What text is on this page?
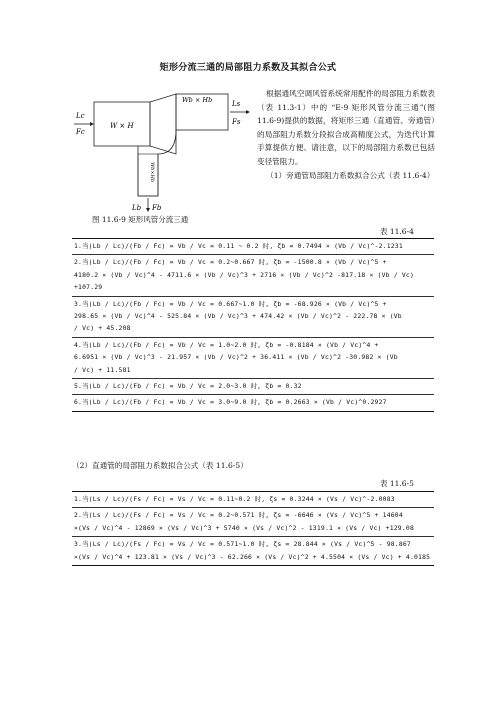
矩形分流三通的局部阻力系数及其拟合公式
Lc
Fc
W × H
Wb × Hb	Ls
Fs
Wb×Hb
Lb Fb
图 11.6-9 矩形风管分流三通

根据通风空调风管系统常用配件的局部阻力系数表（表 11.3-1）中的 “E-9 矩形风管分流三通”(图 11.6-9)提供的数据，将矩形三通（直通管、旁通管）的局部阻力系数分段拟合成高精度公式，为迭代计算手算提供方便。请注意，以下的局部阻力系数已包括变径管阻力。

（1）旁通管局部阻力系数拟合公式（表 11.6-4）

表 11.6-4
（2）直通管的局部阻力系数拟合公式（表 11.6-5）
表 11.6-5
1.当(Lb / Lc)/(Fb / Fc) = Vb / Vc = 0.11 ~ 0.2 时, ζb = 0.7494 × (Vb / Vc)^-2.1231
2.当(Lb / Lc)/(Fb / Fc) = Vb / Vc = 0.2~0.667 时, ζb = -1500.8 × (Vb / Vc)^5 +
4180.2 × (Vb / Vc)^4 - 4711.6 × (Vb / Vc)^3 + 2716 × (Vb / Vc)^2 -817.18 × (Vb / Vc)
+107.29
3.当(Lb / Lc)/(Fb / Fc) = Vb / Vc = 0.667~1.0 时, ζb = -68.926 × (Vb / Vc)^5 +
298.65 × (Vb / Vc)^4 - 525.84 × (Vb / Vc)^3 + 474.42 × (Vb / Vc)^2 - 222.78 × (Vb
/ Vc) + 45.208
4.当(Lb / Lc)/(Fb / Fc) = Vb / Vc = 1.0~2.0 时, ζb = -0.8184 × (Vb / Vc)^4 +
6.6951 × (Vb / Vc)^3 - 21.957 × (Vb / Vc)^2 + 36.411 × (Vb / Vc)^2 -30.982 × (Vb
/ Vc) + 11.581
5.当(Lb / Lc)/(Fb / Fc) = Vb / Vc = 2.0~3.0 时, ζb = 0.32
6.当(Lb / Lc)/(Fb / Fc) = Vb / Vc = 3.0~9.0 时, ζb = 0.2663 × (Vb / Vc)^0.2927
1.当(Ls / Lc)/(Fs / Fc) = Vs / Vc = 0.11~0.2 时, ζs = 0.3244 × (Vs / Vc)^-2.0083
2.当(Ls / Lc)/(Fs / Fc) = Vs / Vc = 0.2~0.571 时, ζs = -6646 × (Vs / Vc)^5 + 14604
×(Vs / Vc)^4 - 12869 × (Vs / Vc)^3 + 5740 × (Vs / Vc)^2 - 1319.1 × (Vs / Vc) +129.08
3.当(Ls / Lc)/(Fs / Fc) = Vs / Vc = 0.571~1.0 时, ζs = 28.844 × (Vs / Vc)^5 - 98.867
×(Vs / Vc)^4 + 123.81 × (Vs / Vc)^3 - 62.266 × (Vs / Vc)^2 + 4.5504 × (Vs / Vc) + 4.0185
